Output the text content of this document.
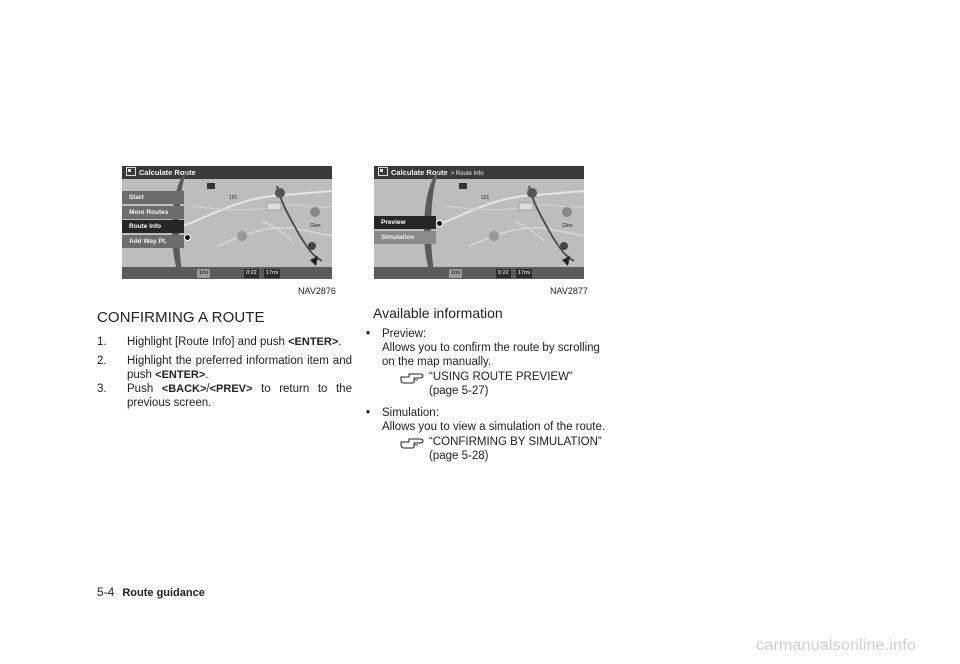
Calculate Route
Start
More Routes
Route Info
Add Way Pt.
101
Glen
1mi	0:22	17mi
NAV2876
Calculate Route > Route Info
Preview
Simulation
101
Glen
1mi	0:22	17mi
NAV2877
CONFIRMING A ROUTE
1. Highlight [Route Info] and push <ENTER>.
2. Highlight the preferred information item and push <ENTER>.
3. Push <BACK>/<PREV> to return to the previous screen.
Available information
• Preview:
Allows you to confirm the route by scrolling on the map manually.
“USING ROUTE PREVIEW”
(page 5-27)
• Simulation:
Allows you to view a simulation of the route.
“CONFIRMING BY SIMULATION”
(page 5-28)
5-4 Route guidance
carmanualsonline.info
